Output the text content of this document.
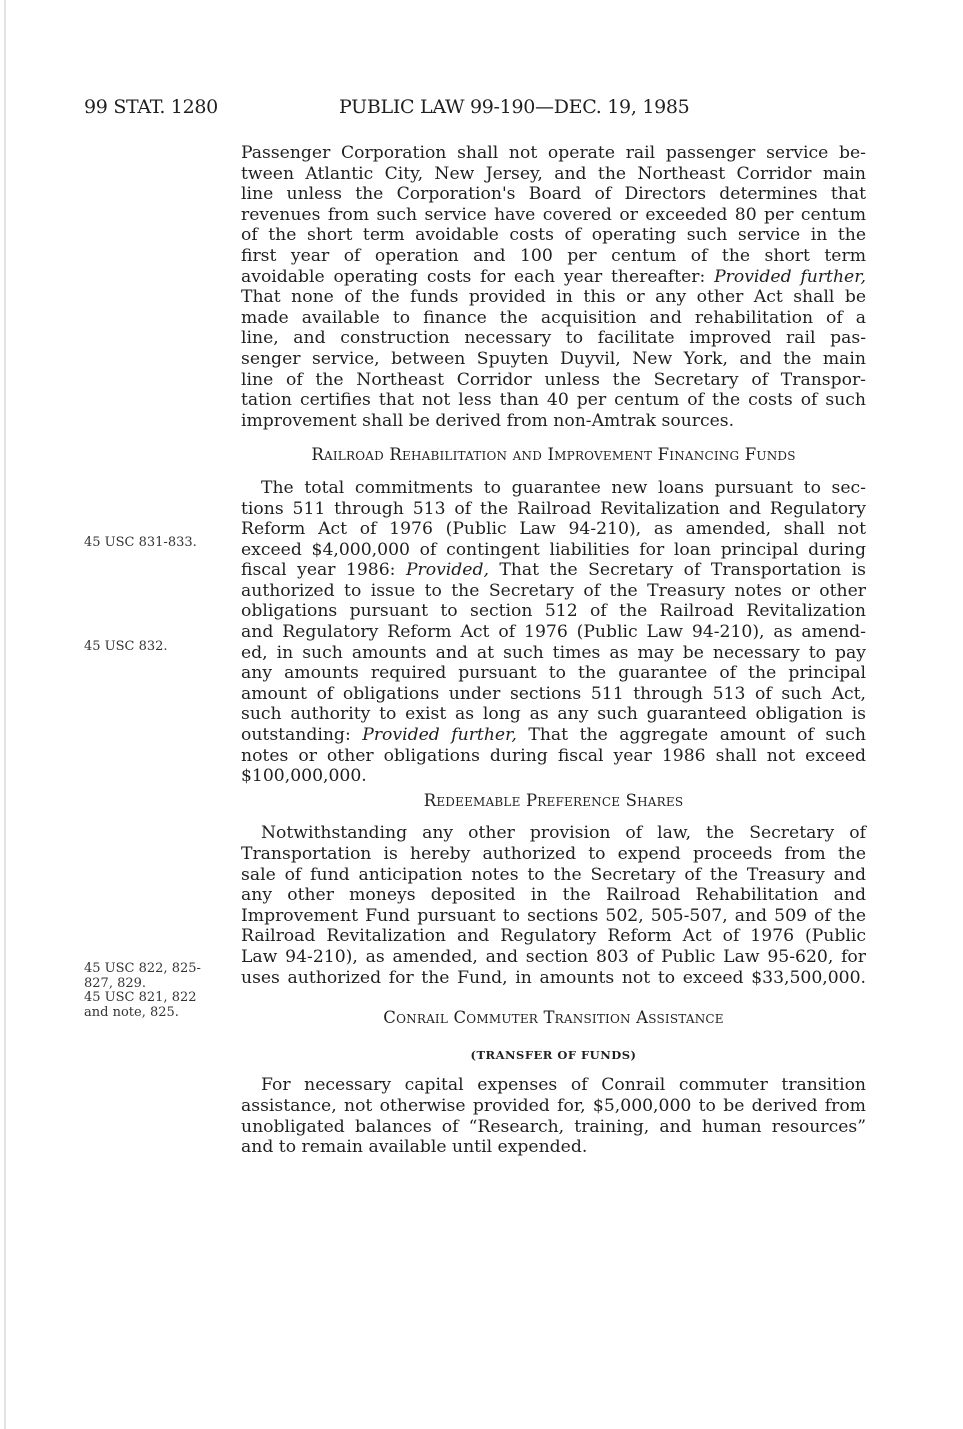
99 STAT. 1280	PUBLIC LAW 99-190—DEC. 19, 1985

Passenger Corporation shall not operate rail passenger service be-
tween Atlantic City, New Jersey, and the Northeast Corridor main
line unless the Corporation's Board of Directors determines that
revenues from such service have covered or exceeded 80 per centum
of the short term avoidable costs of operating such service in the
first year of operation and 100 per centum of the short term
avoidable operating costs for each year thereafter: Provided further,
That none of the funds provided in this or any other Act shall be
made available to finance the acquisition and rehabilitation of a
line, and construction necessary to facilitate improved rail pas-
senger service, between Spuyten Duyvil, New York, and the main
line of the Northeast Corridor unless the Secretary of Transpor-
tation certifies that not less than 40 per centum of the costs of such
improvement shall be derived from non-Amtrak sources.

Railroad Rehabilitation and Improvement Financing Funds

The total commitments to guarantee new loans pursuant to sec-
tions 511 through 513 of the Railroad Revitalization and Regulatory
Reform Act of 1976 (Public Law 94-210), as amended, shall not
exceed $4,000,000 of contingent liabilities for loan principal during
fiscal year 1986: Provided, That the Secretary of Transportation is
authorized to issue to the Secretary of the Treasury notes or other
obligations pursuant to section 512 of the Railroad Revitalization
and Regulatory Reform Act of 1976 (Public Law 94-210), as amend-
ed, in such amounts and at such times as may be necessary to pay
any amounts required pursuant to the guarantee of the principal
amount of obligations under sections 511 through 513 of such Act,
such authority to exist as long as any such guaranteed obligation is
outstanding: Provided further, That the aggregate amount of such
notes or other obligations during fiscal year 1986 shall not exceed
$100,000,000.

Redeemable Preference Shares

Notwithstanding any other provision of law, the Secretary of
Transportation is hereby authorized to expend proceeds from the
sale of fund anticipation notes to the Secretary of the Treasury and
any other moneys deposited in the Railroad Rehabilitation and
Improvement Fund pursuant to sections 502, 505-507, and 509 of the
Railroad Revitalization and Regulatory Reform Act of 1976 (Public
Law 94-210), as amended, and section 803 of Public Law 95-620, for
uses authorized for the Fund, in amounts not to exceed $33,500,000.

Conrail Commuter Transition Assistance

(TRANSFER OF FUNDS)

For necessary capital expenses of Conrail commuter transition
assistance, not otherwise provided for, $5,000,000 to be derived from
unobligated balances of “Research, training, and human resources”
and to remain available until expended.

45 USC 831-833.
45 USC 832.
45 USC 822, 825-
827, 829.
45 USC 821, 822
and note, 825.
